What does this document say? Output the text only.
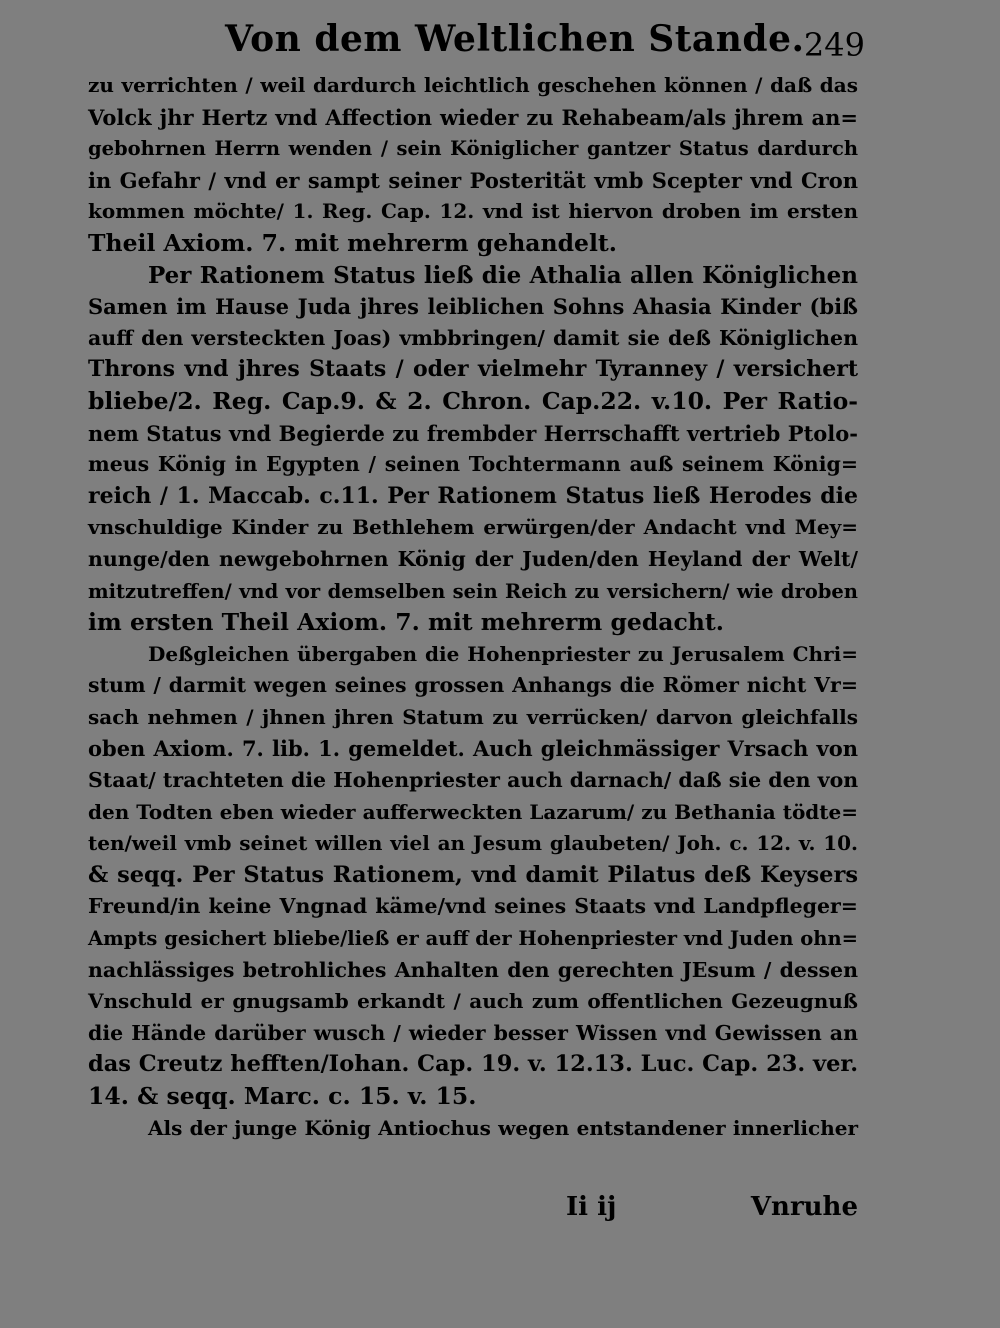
Von dem Weltlichen Stande. 249
zu verrichten / weil dardurch leichtlich geschehen können / daß das
Volck jhr Hertz vnd Affection wieder zu Rehabeam/als jhrem an=
gebohrnen Herrn wenden / sein Königlicher gantzer Status dardurch
in Gefahr / vnd er sampt seiner Posterität vmb Scepter vnd Cron
kommen möchte/ 1. Reg. Cap. 12. vnd ist hiervon droben im ersten
Theil Axiom. 7. mit mehrerm gehandelt.
Per Rationem Status ließ die Athalia allen Königlichen
Samen im Hause Juda jhres leiblichen Sohns Ahasia Kinder (biß
auff den versteckten Joas) vmbbringen/ damit sie deß Königlichen
Throns vnd jhres Staats / oder vielmehr Tyranney / versichert
bliebe/2. Reg. Cap.9. & 2. Chron. Cap.22. v.10. Per Ratio-
nem Status vnd Begierde zu frembder Herrschafft vertrieb Ptolo-
meus König in Egypten / seinen Tochtermann auß seinem König=
reich / 1. Maccab. c.11. Per Rationem Status ließ Herodes die
vnschuldige Kinder zu Bethlehem erwürgen/der Andacht vnd Mey=
nunge/den newgebohrnen König der Juden/den Heyland der Welt/
mitzutreffen/ vnd vor demselben sein Reich zu versichern/ wie droben
im ersten Theil Axiom. 7. mit mehrerm gedacht.
Deßgleichen übergaben die Hohenpriester zu Jerusalem Chri=
stum / darmit wegen seines grossen Anhangs die Römer nicht Vr=
sach nehmen / jhnen jhren Statum zu verrücken/ darvon gleichfalls
oben Axiom. 7. lib. 1. gemeldet. Auch gleichmässiger Vrsach von
Staat/ trachteten die Hohenpriester auch darnach/ daß sie den von
den Todten eben wieder aufferweckten Lazarum/ zu Bethania tödte=
ten/weil vmb seinet willen viel an Jesum glaubeten/ Joh. c. 12. v. 10.
& seqq. Per Status Rationem, vnd damit Pilatus deß Keysers
Freund/in keine Vngnad käme/vnd seines Staats vnd Landpfleger=
Ampts gesichert bliebe/ließ er auff der Hohenpriester vnd Juden ohn=
nachlässiges betrohliches Anhalten den gerechten JEsum / dessen
Vnschuld er gnugsamb erkandt / auch zum offentlichen Gezeugnuß
die Hände darüber wusch / wieder besser Wissen vnd Gewissen an
das Creutz hefften/Iohan. Cap. 19. v. 12.13. Luc. Cap. 23. ver.
14. & seqq. Marc. c. 15. v. 15.
Als der junge König Antiochus wegen entstandener innerlicher
Ii ij	Vnruhe
